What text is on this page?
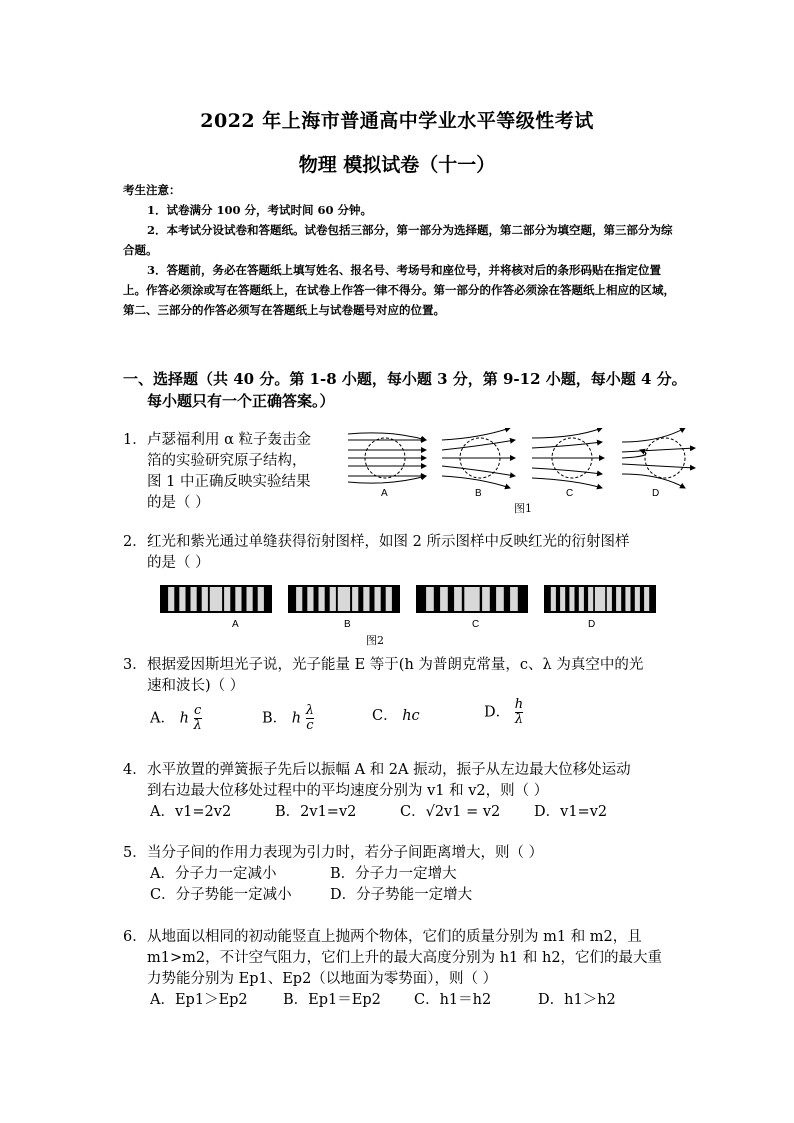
2022 年上海市普通高中学业水平等级性考试
物理 模拟试卷（十一）

考生注意：

1．试卷满分 100 分，考试时间 60 分钟。

2．本考试分设试卷和答题纸。试卷包括三部分，第一部分为选择题，第二部分为填空题，第三部分为综合题。

3．答题前，务必在答题纸上填写姓名、报名号、考场号和座位号，并将核对后的条形码贴在指定位置上。作答必须涂或写在答题纸上，在试卷上作答一律不得分。第一部分的作答必须涂在答题纸上相应的区域，第二、三部分的作答必须写在答题纸上与试卷题号对应的位置。

一、选择题（共 40 分。第 1-8 小题，每小题 3 分，第 9-12 小题，每小题 4 分。
每小题只有一个正确答案。）
1． 卢瑟福利用 α 粒子轰击金
箔的实验研究原子结构，
图 1 中正确反映实验结果
的是（ ）
A	B	C	D
图1
2． 红光和紫光通过单缝获得衍射图样，如图 2 所示图样中反映红光的衍射图样
的是（ ）
A	B	C	D
图2
3． 根据爱因斯坦光子说，光子能量 E 等于(h 为普朗克常量，c、λ 为真空中的光
速和波长)（ ）
A． h $\frac{c}{\lambda}$	B． h $\frac{\lambda}{c}$	C． hc	D． $\frac{h}{\lambda}$
4． 水平放置的弹簧振子先后以振幅 A 和 2A 振动，振子从左边最大位移处运动
到右边最大位移处过程中的平均速度分别为 v1 和 v2，则（ ）
A．v1=2v2	B．2v1=v2	C．√2v1 = v2 D．v1=v2
5． 当分子间的作用力表现为引力时，若分子间距离增大，则（ ）
A．分子力一定减小	B．分子力一定增大
C．分子势能一定减小	D．分子势能一定增大
6． 从地面以相同的初动能竖直上抛两个物体，它们的质量分别为 m1 和 m2，且
m1>m2，不计空气阻力，它们上升的最大高度分别为 h1 和 h2，它们的最大重
力势能分别为 Ep1、Ep2（以地面为零势面），则（ ）
A．Ep1＞Ep2 B．Ep1＝Ep2 C．h1＝h2	D．h1＞h2
